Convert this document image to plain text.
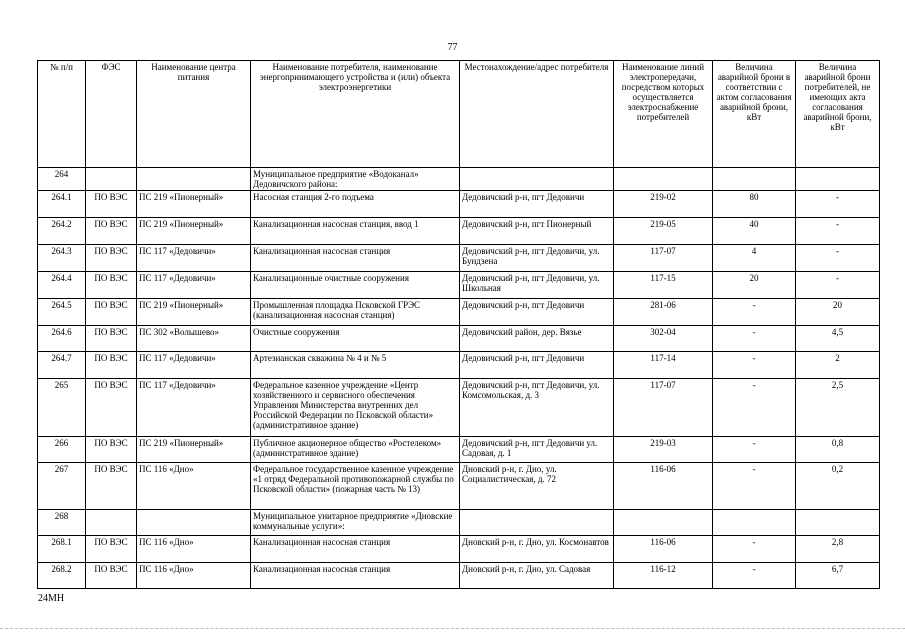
77
№ п/п	ФЭС	Наименование центра питания	Наименование потребителя, наименование энергопринимающего устройства и (или) объекта электроэнергетики	Местонахождение/адрес потребителя	Наименование линий электропередачи, посредством которых осуществляется электроснабжение потребителей	Величина аварийной брони в соответствии с актом согласования аварийной брони, кВт	Величина аварийной брони потребителей, не имеющих акта согласования аварийной брони, кВт
264			Муниципальное предприятие «Водоканал» Дедовичского района:				
264.1	ПО ВЭС	ПС 219 «Пионерный»	Насосная станция 2-го подъема	Дедовичский р-н, пгт Дедовичи	219-02	80	-
264.2	ПО ВЭС	ПС 219 «Пионерный»	Канализационная насосная станция, ввод 1	Дедовичский р-н, пгт Пионерный	219-05	40	-
264.3	ПО ВЭС	ПС 117 «Дедовичи»	Канализационная насосная станция	Дедовичский р-н, пгт Дедовичи, ул. Бундзена	117-07	4	-
264.4	ПО ВЭС	ПС 117 «Дедовичи»	Канализационные очистные сооружения	Дедовичский р-н, пгт Дедовичи, ул. Школьная	117-15	20	-
264.5	ПО ВЭС	ПС 219 «Пионерный»	Промышленная площадка Псковской ГРЭС (канализационная насосная станция)	Дедовичский р-н, пгт Дедовичи	281-06	-	20
264.6	ПО ВЭС	ПС 302 «Волышево»	Очистные сооружения	Дедовичский район, дер. Вязье	302-04	-	4,5
264.7	ПО ВЭС	ПС 117 «Дедовичи»	Артезианская скважина № 4 и № 5	Дедовичский р-н, пгт Дедовичи	117-14	-	2
265	ПО ВЭС	ПС 117 «Дедовичи»	Федеральное казенное учреждение «Центр хозяйственного и сервисного обеспечения Управления Министерства внутренних дел Российской Федерации по Псковской области» (административное здание)	Дедовичский р-н, пгт Дедовичи, ул. Комсомольская, д. 3	117-07	-	2,5
266	ПО ВЭС	ПС 219 «Пионерный»	Публичное акционерное общество «Ростелеком» (административное здание)	Дедовичский р-н, пгт Дедовичи ул. Садовая, д. 1	219-03	-	0,8
267	ПО ВЭС	ПС 116 «Дно»	Федеральное государственное казенное учреждение «1 отряд Федеральной противопожарной службы по Псковской области» (пожарная часть № 13)	Дновский р-н, г. Дно, ул. Социалистическая, д. 72	116-06	-	0,2
268			Муниципальное унитарное предприятие «Дновские коммунальные услуги»:				
268.1	ПО ВЭС	ПС 116 «Дно»	Канализационная насосная станция	Дновский р-н, г. Дно, ул. Космонавтов	116-06	-	2,8
268.2	ПО ВЭС	ПС 116 «Дно»	Канализационная насосная станция	Дновский р-н, г. Дно, ул. Садовая	116-12	-	6,7
24МН
